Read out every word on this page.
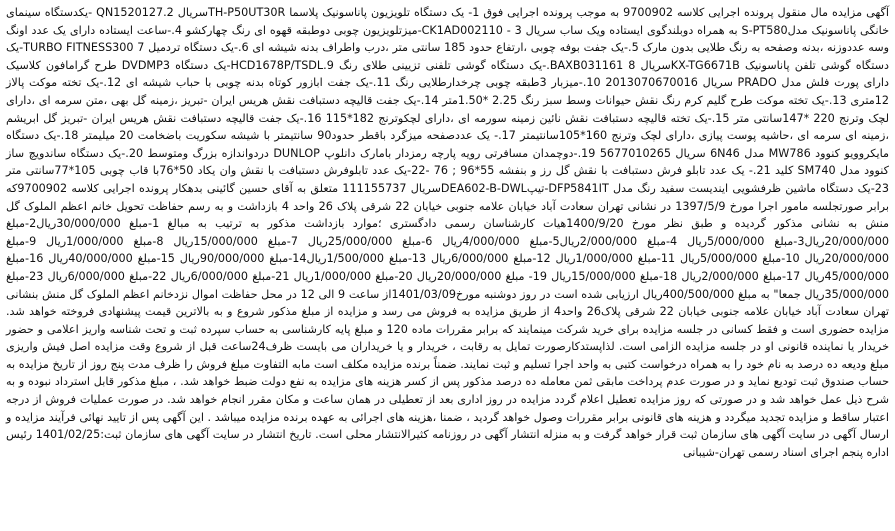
آگهی مزایده مال منقول پرونده اجرایی کلاسه 9700902 به موجب پرونده اجرایی فوق 1- یک دستگاه تلویزیون پاناسونیک پلاسما TH-P50UT30Rسریال QN1520127.2 -یکدستگاه سینمای خانگی پاناسونیک مدلS-PT580 به همراه دوبلندگوی ایستاده ویک ساب سریال 3 - CK1AD002110-میزتلویزیون چوبی دوطبقه قهوه ای رنگ چهارکشو 4.-ساعت ایستاده دارای یک عدد اونگ وسه عددوزنه ،بدنه وصفحه به رنگ طلایی بدون مارک 5.-یک جفت بوفه چوبی ،ارتفاع حدود 185 سانتی متر ،درب واطراف بدنه شیشه ای 6.-یک دستگاه تردمیل TURBO FITNESS300 7-یک دستگاه گوشی تلفن پاناسونیک KX-TG6671Bسریال BAXB031161 8.-یک دستگاه گوشی تلفنی تزیینی طلای رنگ HCD1678P/TSDL.9-یک دستگاه DVDMP3 طرح گرامافون کلاسیک دارای پورت فلش مدل PRADO سریال 2013070670016 10.-میزبار 3طبقه چوبی چرخدارطلایی رنگ 11.-یک جفت ابازور کوتاه بدنه چوبی با حباب شیشه ای 12.-یک تخته موکت پالاز 12متری 13.-یک تخته موکت طرح گلیم کرم رنگ نقش حیوانات وسط سبز رنگ 2.25 *1.50متر 14.-یک جفت قالیچه دستبافت نقش هریس ایران -تبریز ،زمینه گل بهی ،متن سرمه ای ،دارای لچک وترنج 220 *147سانتی متر 15.-یک تخته قالیچه دستبافت نقش نائین زمینه سورمه ای ،دارای لچکوترنج 182*115 16.-یک جفت قالیچه دستبافت نقش هریس ایران -تبریز گل ابریشم ،زمینه ای سرمه ای ،حاشیه پوست پیازی ،دارای لچک وترنج 160*105سانتیمتر 17.- یک عددصفحه میزگرد باقطر حدود90 سانتیمتر با شیشه سکوریت باضخامت 20 میلیمتر 18.-یک دستگاه مایکروویو کنوود MW786 مدل 6N46 سریال 5677010265 19.-دوچمدان مسافرتی رویه پارچه رمزدار بامارک دانلوپ DUNLOP دردواندازه بزرگ ومتوسط 20.-یک دستگاه ساندویچ ساز کنوود مدل SM740 کلید 21.- یک عدد تابلو فرش دستبافت با نقش گل رز و بنفشه 55*96 ; 76 -22-یک عدد تابلوفرش دستبافت با نقش وان یکاد 50*76با قاب چوبی 105*77سانتی متر 23-یک دستگاه ماشین ظرفشویی اینديست سفيد رنگ مدل DFP5841IT-تیپDEA602-B-DWLسریال 111155737 متعلق به آقای حسین گائینی بدهکار پرونده اجرایی کلاسه 9700902که برابر صورتجلسه مامور اجرا مورخ 1397/5/9 در نشانی تهران سعادت آباد خیابان علامه جنوبی خیابان 22 شرقی پلاک 26 واحد 4 بازداشت و به رسم حفاظت تحویل خانم اعظم الملوک گل منش به نشانی مذکور گردیده و طبق نظر مورخ 1400/9/20هیات کارشناسان رسمی دادگستری ؛موارد بازداشت مذکور به ترتیب به مبالغ 1-مبلغ 30/000/000ریال2-مبلغ 20/000/000ریال3-مبلغ 5/000/000ریال 4-مبلغ 2/000/000ریال5-مبلغ 4/000/000ریال 6-مبلغ 25/000/000ریال 7-مبلغ 15/000/000ریال 8-مبلغ 1/000/000ریال 9-مبلغ 20/000/000ریال 10-مبلغ 5/000/000ریال 11-مبلغ 1/000/000ریال 12-مبلغ 6/000/000ریال 13-مبلغ 1/500/000ریال14-مبلغ 90/000/000ریال 15-مبلغ 40/000/000ریال 16-مبلغ 45/000/000ریال 17-مبلغ 2/000/000ریال 18-مبلغ 15/000/000ریال 19- مبلغ 20/000/000ریال 20-مبلغ 1/000/000ریال 21-مبلغ 6/000/000ریال 22-مبلغ 6/000/000ریال 23-مبلغ 35/000/000ریال جمعا" به مبلغ 400/500/000ریال ارزیابی شده است در روز دوشنبه مورخ1401/03/09از ساعت 9 الی 12 در محل حفاظت اموال نزدخانم اعظم الملوک گل منش بنشانی تهران سعادت آباد خیابان علامه جنوبی خیابان 22 شرقی پلاک26 واحد4 از طریق مزایده به فروش می رسد و مزایده از مبلغ مذکور شروع و به بالاترین قیمت پیشنهادی فروخته خواهد شد. مزایده حضوری است و فقط کسانی در جلسه مزایده برای خرید شرکت مینمایند که برابر مقررات ماده 120 و مبلغ پایه کارشناسی به حساب سپرده ثبت و تحت شناسه واریز اعلامی و حضور خریدار یا نماینده قانونی او در جلسه مزایده الزامی است. لذاپستدکارصورت تمایل به رقابت ، خریدار و یا خریداران می بایست ظرف24ساعت قبل از شروع وقت مزایده اصل فیش واریزی مبلغ ودیعه ده درصد به نام خود را به همراه درخواست کتبی به واحد اجرا تسلیم و ثبت نمایند. ضمناً برنده مزایده مکلف است مابه التفاوت مبلغ فروش را ظرف مدت پنج روز از تاریخ مزایده به حساب صندوق ثبت تودیع نماید و در صورت عدم پرداخت مابقی ثمن معامله ده درصد مذکور پس از کسر هزینه های مزایده به نفع دولت ضبط خواهد شد. ، مبلغ مذکور قابل استرداد نبوده و به شرح ذیل عمل خواهد شد و در صورتی که روز مزایده تعطیل اعلام گردد مزایده در روز اداری بعد از تعطیلی در همان ساعت و مکان مقرر انجام خواهد شد. در صورت عملیات فروش از درجه اعتبار ساقط و مزایده تجدید میگردد و هزینه های قانونی برابر مقررات وصول خواهد گردید ، ضمنا ،هزینه های اجرائی به عهده برنده مزایده میباشد . این آگهی پس از تایید نهائی فرآیند مزایده و ارسال آگهی در سایت آگهی های سازمان ثبت قرار خواهد گرفت و به منزله انتشار آگهی در روزنامه کثیرالانتشار محلی است. تاریخ انتشار در سایت آگهی های سازمان ثبت:1401/02/25 رئیس اداره پنجم اجرای اسناد رسمی تهران-شیبانی
